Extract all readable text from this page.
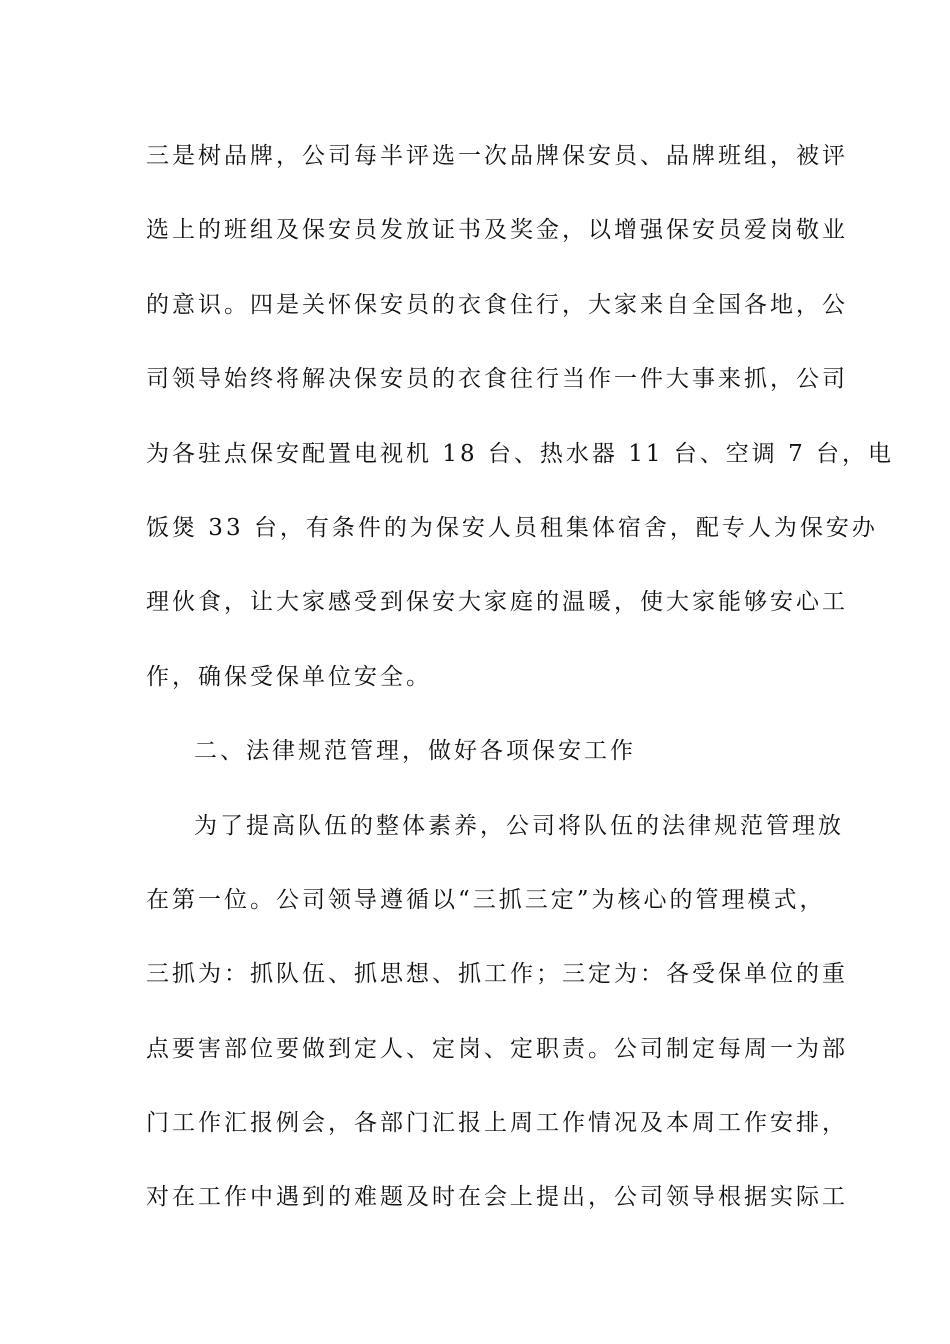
三是树品牌，公司每半评选一次品牌保安员、品牌班组，被评
选上的班组及保安员发放证书及奖金，以增强保安员爱岗敬业
的意识。四是关怀保安员的衣食住行，大家来自全国各地，公
司领导始终将解决保安员的衣食往行当作一件大事来抓，公司
为各驻点保安配置电视机 18 台、热水器 11 台、空调 7 台，电
饭煲 33 台，有条件的为保安人员租集体宿舍，配专人为保安办
理伙食，让大家感受到保安大家庭的温暖，使大家能够安心工
作，确保受保单位安全。
二、法律规范管理，做好各项保安工作
为了提高队伍的整体素养，公司将队伍的法律规范管理放
在第一位。公司领导遵循以“三抓三定”为核心的管理模式，
三抓为：抓队伍、抓思想、抓工作；三定为：各受保单位的重
点要害部位要做到定人、定岗、定职责。公司制定每周一为部
门工作汇报例会，各部门汇报上周工作情况及本周工作安排，
对在工作中遇到的难题及时在会上提出，公司领导根据实际工
